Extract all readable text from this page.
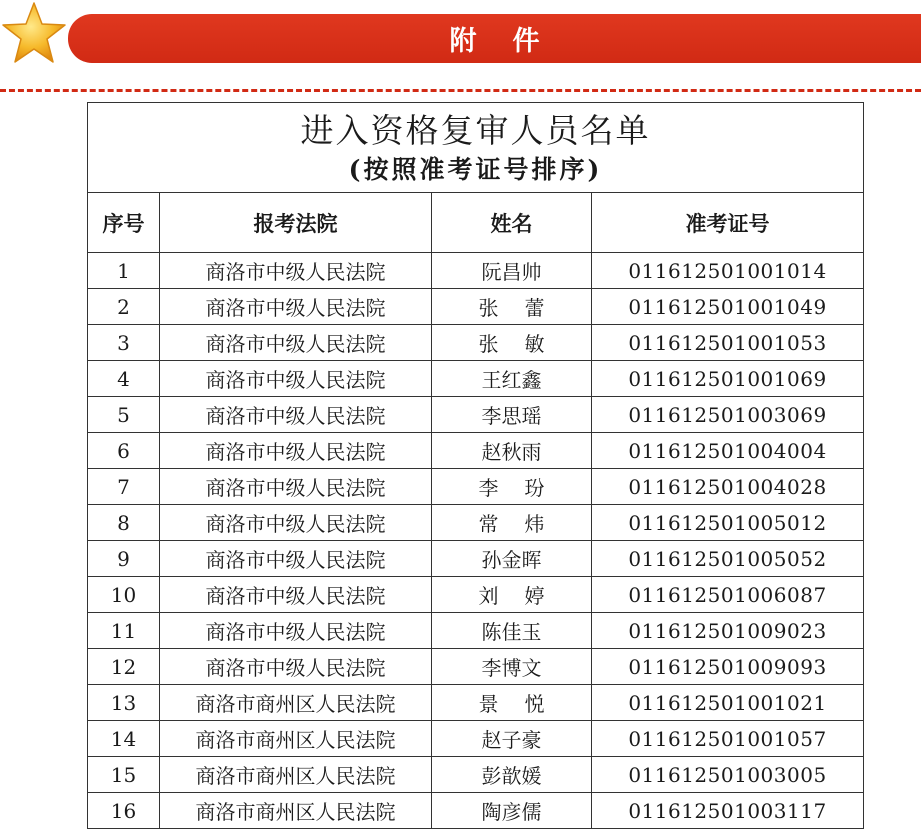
附件
进入资格复审人员名单
(按照准考证号排序)			

序号	报考法院	姓名	准考证号
1	商洛市中级人民法院	阮昌帅	011612501001014
2	商洛市中级人民法院	张蕾	011612501001049
3	商洛市中级人民法院	张敏	011612501001053
4	商洛市中级人民法院	王红鑫	011612501001069
5	商洛市中级人民法院	李思瑶	011612501003069
6	商洛市中级人民法院	赵秋雨	011612501004004
7	商洛市中级人民法院	李玢	011612501004028
8	商洛市中级人民法院	常炜	011612501005012
9	商洛市中级人民法院	孙金晖	011612501005052
10	商洛市中级人民法院	刘婷	011612501006087
11	商洛市中级人民法院	陈佳玉	011612501009023
12	商洛市中级人民法院	李博文	011612501009093
13	商洛市商州区人民法院	景悦	011612501001021
14	商洛市商州区人民法院	赵子豪	011612501001057
15	商洛市商州区人民法院	彭歆媛	011612501003005
16	商洛市商州区人民法院	陶彦儒	011612501003117
